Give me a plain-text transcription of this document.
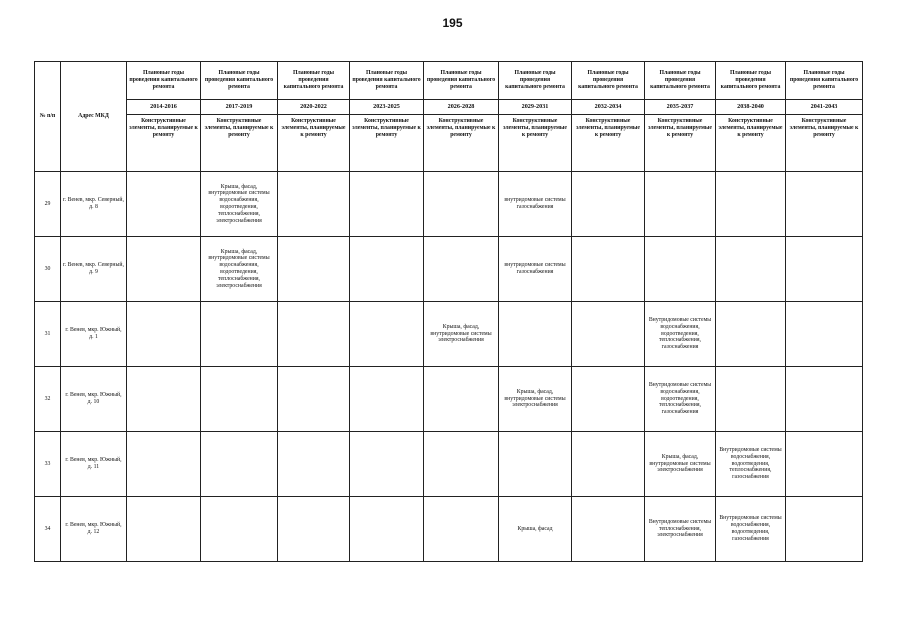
195
№ п/п	Адрес МКД	Плановые годы проведения капитального ремонта	Плановые годы проведения капитального ремонта	Плановые годы проведения капитального ремонта	Плановые годы проведения капитального ремонта	Плановые годы проведения капитального ремонта	Плановые годы проведения капитального ремонта	Плановые годы проведения капитального ремонта	Плановые годы проведения капитального ремонта	Плановые годы проведения капитального ремонта	Плановые годы проведения капитального ремонта
		2014-2016	2017-2019	2020-2022	2023-2025	2026-2028	2029-2031	2032-2034	2035-2037	2038-2040	2041-2043
		Конструктивные элементы, планируемые к ремонту	Конструктивные элементы, планируемые к ремонту	Конструктивные элементы, планируемые к ремонту	Конструктивные элементы, планируемые к ремонту	Конструктивные элементы, планируемые к ремонту	Конструктивные элементы, планируемые к ремонту	Конструктивные элементы, планируемые к ремонту	Конструктивные элементы, планируемые к ремонту	Конструктивные элементы, планируемые к ремонту	Конструктивные элементы, планируемые к ремонту
29	г. Венев, мкр. Северный, д. 8		Крыша, фасад, внутридомовые системы водоснабжения, водоотведения, теплоснабжения, электроснабжения				внутридомовые системы газоснабжения				
30	г. Венев, мкр. Северный, д. 9		Крыша, фасад, внутридомовые системы водоснабжения, водоотведения, теплоснабжения, электроснабжения				внутридомовые системы газоснабжения				
31	г. Венев, мкр. Южный, д. 1					Крыша, фасад, внутридомовые системы электроснабжения			Внутридомовые системы водоснабжения, водоотведения, теплоснабжения, газоснабжения		
32	г. Венев, мкр. Южный, д. 10						Крыша, фасад, внутридомовые системы электроснабжения		Внутридомовые системы водоснабжения, водоотведения, теплоснабжения, газоснабжения		
33	г. Венев, мкр. Южный, д. 11								Крыша, фасад, внутридомовые системы электроснабжения	Внутридомовые системы водоснабжения, водоотведения, теплоснабжения, газоснабжения	
34	г. Венев, мкр. Южный, д. 12						Крыша, фасад		Внутридомовые системы теплоснабжения, электроснабжения	Внутридомовые системы водоснабжения, водоотведения, газоснабжения	
